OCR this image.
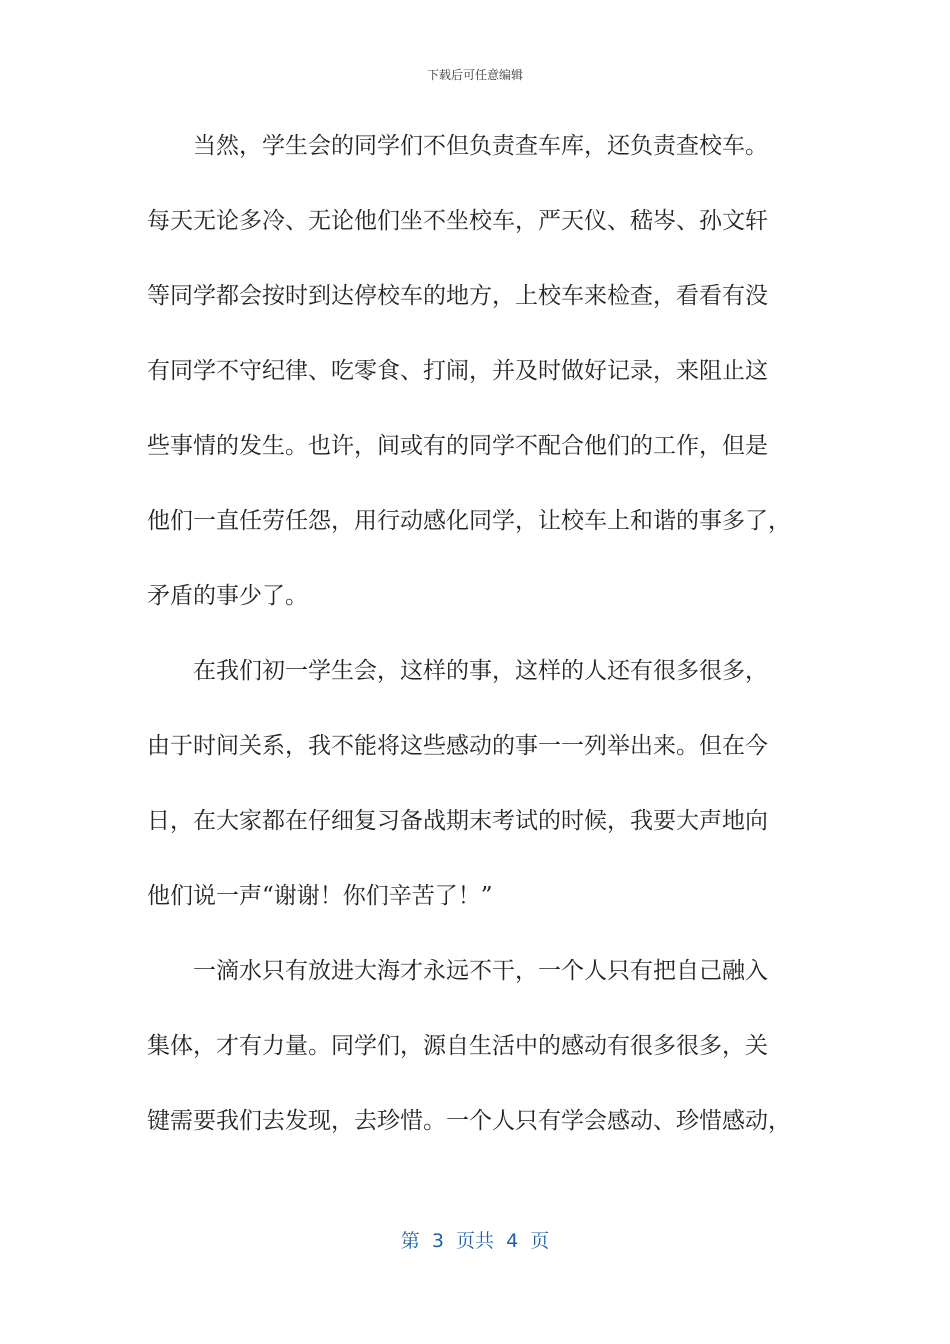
下载后可任意编辑
当然，学生会的同学们不但负责查车库，还负责查校车。
每天无论多冷、无论他们坐不坐校车，严天仪、嵇岑、孙文轩
等同学都会按时到达停校车的地方，上校车来检查，看看有没
有同学不守纪律、吃零食、打闹，并及时做好记录，来阻止这
些事情的发生。也许，间或有的同学不配合他们的工作，但是
他们一直任劳任怨，用行动感化同学，让校车上和谐的事多了，
矛盾的事少了。
在我们初一学生会，这样的事，这样的人还有很多很多，
由于时间关系，我不能将这些感动的事一一列举出来。但在今
日，在大家都在仔细复习备战期末考试的时候，我要大声地向
他们说一声“谢谢！你们辛苦了！”
一滴水只有放进大海才永远不干，一个人只有把自己融入
集体，才有力量。同学们，源自生活中的感动有很多很多，关
键需要我们去发现，去珍惜。一个人只有学会感动、珍惜感动，
第  3  页共  4  页
